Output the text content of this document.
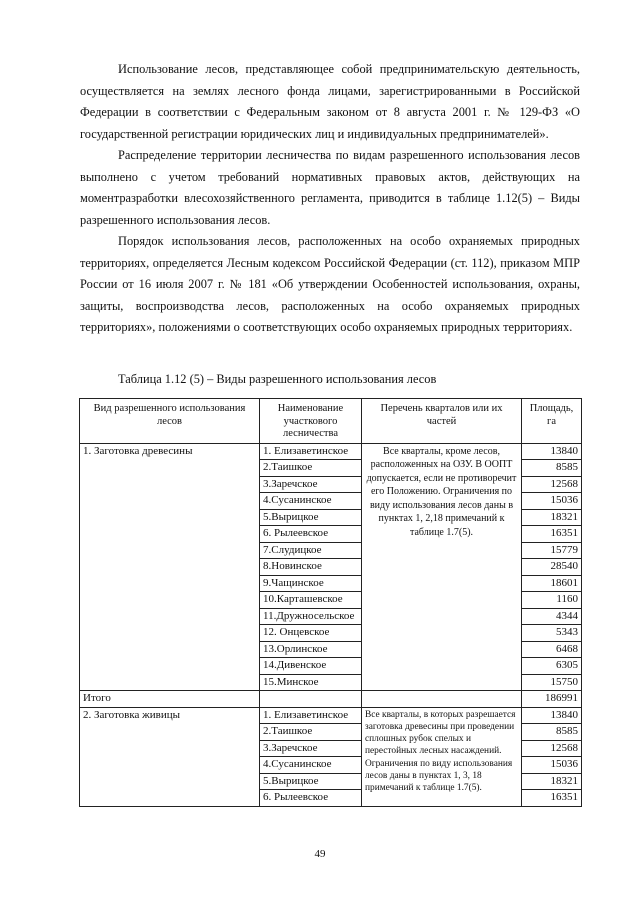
Использование лесов, представляющее собой предпринимательскую деятельность, осуществляется на землях лесного фонда лицами, зарегистрированными в Российской Федерации в соответствии с Федеральным законом от 8 августа 2001 г. № 129-ФЗ «О государственной регистрации юридических лиц и индивидуальных предпринимателей».

Распределение территории лесничества по видам разрешенного использования лесов выполнено с учетом требований нормативных правовых актов, действующих на моментразработки влесохозяйственного регламента, приводится в таблице 1.12(5) – Виды разрешенного использования лесов.

Порядок использования лесов, расположенных на особо охраняемых природных территориях, определяется Лесным кодексом Российской Федерации (ст. 112), приказом МПР России от 16 июля 2007 г. № 181 «Об утверждении Особенностей использования, охраны, защиты, воспроизводства лесов, расположенных на особо охраняемых природных территориях», положениями о соответствующих особо охраняемых природных территориях.

Таблица 1.12 (5) – Виды разрешенного использования лесов

Вид разрешенного использования лесов	Наименование участкового лесничества	Перечень кварталов или их частей	Площадь, га
1. Заготовка древесины	1. Елизаветинское	Все кварталы, кроме лесов, расположенных на ОЗУ. В ООПТ допускается, если не противоречит его Положению. Ограничения по виду использования лесов даны в пунктах 1, 2,18 примечаний к таблице 1.7(5).	13840
	2.Таишкое		8585
	3.Заречское		12568
	4.Сусанинское		15036
	5.Вырицкое		18321
	6. Рылеевское		16351
	7.Слудицкое		15779
	8.Новинское		28540
	9.Чащинское		18601
	10.Карташевское		1160
	11.Дружносельское		4344
	12. Онцевское		5343
	13.Орлинское		6468
	14.Дивенское		6305
	15.Минское		15750
Итого			186991
2. Заготовка живицы	1. Елизаветинское	Все кварталы, в которых разрешается заготовка древесины при проведении сплошных рубок спелых и перестойных лесных насаждений. Ограничения по виду использования лесов даны в пунктах 1, 3, 18 примечаний к таблице 1.7(5).	13840
	2.Таишкое		8585
	3.Заречское		12568
	4.Сусанинское		15036
	5.Вырицкое		18321
	6. Рылеевское		16351
49
